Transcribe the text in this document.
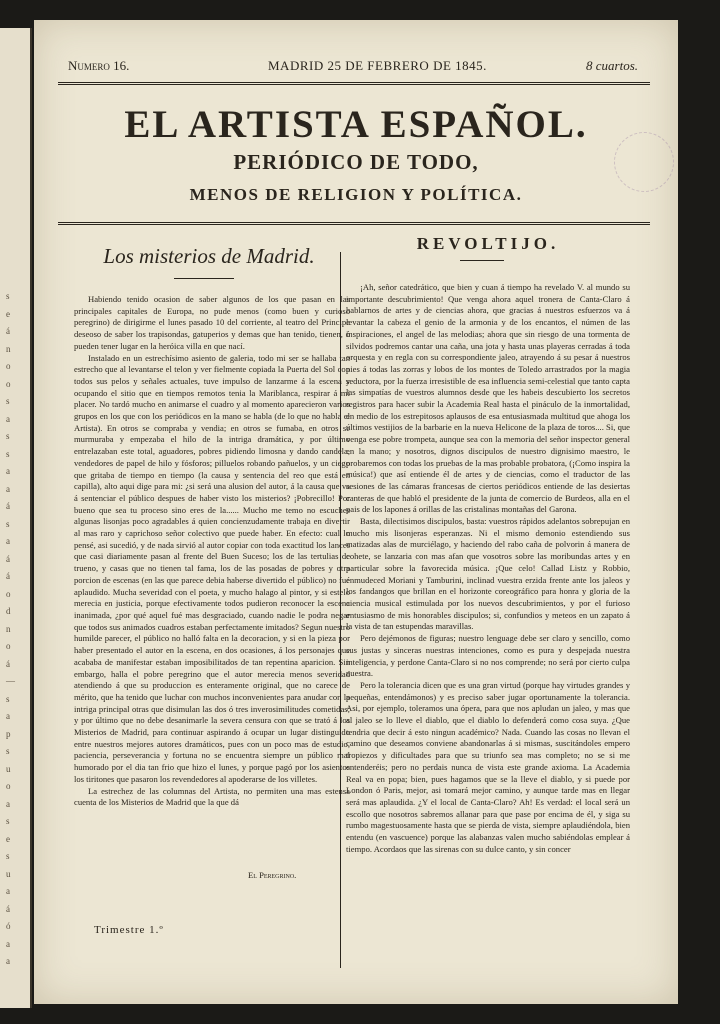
s
e
á
n
o
o
s
a
s
s
a
a
á
s
a
á
á
o
d
n
o
á
—
s
a
p
s
u
o
a
s
e
s
u
a
á
ó
a
a
Numero 16.	MADRID 25 DE FEBRERO DE 1845.	8 cuartos.
EL ARTISTA ESPAÑOL.
PERIÓDICO DE TODO,
MENOS DE RELIGION Y POLÍTICA.
Los misterios de Madrid.
REVOLTIJO.

Habiendo tenido ocasion de saber algunos de los que pasan en las principales capitales de Europa, no pude menos (como buen y curioso peregrino) de dirigirme el lunes pasado 10 del corriente, al teatro del Principe deseoso de saber los trapisondas, gatuperios y demas que han tenido, tienen, ó pueden tener lugar en la heróica villa en que nací.

Instalado en un estrechísimo asiento de galeria, todo mi ser se hallaba tan estrecho que al levantarse el telon y ver fielmente copiada la Puerta del Sol con todos sus pelos y señales actuales, tuve impulso de lanzarme á la escena y ocupando el sitio que en tiempos remotos tenia la Mariblanca, respirar á mi placer. No tardó mucho en animarse el cuadro y al momento aparecieron varios grupos en los que con los periódicos en la mano se habla (de lo que no habla el Artista). En otros se compraba y vendia; en otros se fumaba, en otros se murmuraba y empezaba el hilo de la intriga dramática, y por último entrelazaban este total, aguadores, pobres pidiendo limosna y dando candela, vendedores de papel de hilo y fósforos; pilluelos robando pañuelos, y un ciego que gritaba de tiempo en tiempo (la causa y sentencia del reo que está en capilla), alto aqui dige para mi: ¿si será una alusion del autor, á la causa que va á sentenciar el público despues de haber visto los misterios? ¡Pobrecillo! Por bueno que sea tu proceso sino eres de la...... Mucho me temo no escuches algunas lisonjas poco agradables á quien concienzudamente trabaja en divertir al mas raro y caprichoso señor colectivo que puede haber. En efecto: cual lo pensé, asi sucedió, y de nada sirvió al autor copiar con toda exactitud los lances que casi diariamente pasan al frente del Buen Suceso; los de las tertulias de trueno, y casas que no tienen tal fama, los de las posadas de pobres y otra porcion de escenas (en las que parece debia haberse divertido el público) no fué aplaudido. Mucha severidad con el poeta, y mucho halago al pintor, y si estelo merecia en justicia, porque efectivamente todos pudieron reconocer la escena inanimada, ¿por qué aquel fué mas desgraciado, cuando nadie le podra negar que todos sus animados cuadros estaban perfectamente imitados? Segun nuestro humilde parecer, el público no halló falta en la decoracion, y si en la pieza por haber presentado el autor en la escena, en dos ocasiones, á los personajes que acababa de manifestar estaban imposibilitados de tan repentina aparicion. Sin embargo, halla el pobre peregrino que el autor merecia menos severidad atendiendo á que su produccion es enteramente original, que no carece de mérito, que ha tenido que luchar con muchos inconvenientes para anudar con la intriga principal otras que disimulan las dos ó tres inverosimilitudes cometidas; y por último que no debe desanimarle la severa censura con que se trató á los Misterios de Madrid, para continuar aspirando á ocupar un lugar distinguido entre nuestros mejores autores dramáticos, pues con un poco mas de estudio, paciencia, perseverancia y fortuna no se encuentra siempre un público mal humorado por el dia tan frio que hizo el lunes, y porque pagó por los asientos los tiritones que pasaron los revendedores al apoderarse de los villetes.

La estrechez de las columnas del Artista, no permiten una mas estensa cuenta de los Misterios de Madrid que la que dá

El Peregrino.

¡Ah, señor catedrático, que bien y cuan á tiempo ha revelado V. al mundo su importante descubrimiento! Que venga ahora aquel tronera de Canta-Claro á hablarnos de artes y de ciencias ahora, que gracias á nuestros esfuerzos va á levantar la cabeza el genio de la armonia y de los encantos, el númen de las inspiraciones, el angel de las melodias; ahora que sin riesgo de una tormenta de silvidos podremos cantar una caña, una jota y hasta unas playeras cerradas á toda orquesta y en regla con su correspondiente jaleo, atrayendo á su pesar á nuestros pies á todas las zorras y lobos de los montes de Toledo arrastrados por la magia seductora, por la fuerza irresistible de esa influencia semi-celestial que tanto capta las simpatías de vuestros alumnos desde que les habeis descubierto los secretos registros para hacer subir la Academia Real hasta el pináculo de la inmortalidad, en medio de los estrepitosos aplausos de esa entusiasmada multitud que ahoga los últimos vestijios de la barbarie en la nueva Helicone de la plaza de toros.... Si, que venga ese pobre trompeta, aunque sea con la memoria del señor inspector general en la mano; y nosotros, dignos discipulos de nuestro dignisimo maestro, le probaremos con todas los pruebas de la mas probable probatora, (¡Como inspira la música!) que así entiende él de artes y de ciencias, como el traductor de las sesiones de las cámaras francesas de ciertos periódicos entiende de las desiertas canteras de que habló el presidente de la junta de comercio de Burdeos, alla en el pais de los lapones á orillas de las cristalinas montañas del Garona.

Basta, dilectisimos discipulos, basta: vuestros rápidos adelantos sobrepujan en mucho mis lisonjeras esperanzas. Ni el mismo demonio estendiendo sus matizadas alas de murciélago, y haciendo del rabo caña de polvorin á manera de cohete, se lanzaria con mas afan que vosotros sobre las moribundas artes y en particular sobre la favorecida música. ¡Que celo! Callad Listz y Robbio, enmudeced Moriani y Tamburini, inclinad vuestra erzida frente ante los jaleos y los fandangos que brillan en el horizonte coreográfico para honra y gloria de la ciencia musical estimulada por los nuevos descubrimientos, y por el furioso entusiasmo de mis honorables discipulos; si, confundios y meteos en un zapato á la vista de tan estupendas maravillas.

Pero dejémonos de figuras; nuestro lenguage debe ser claro y sencillo, como sus justas y sinceras nuestras intenciones, como es pura y despejada nuestra inteligencia, y perdone Canta-Claro si no nos comprende; no será por cierto culpa nuestra.

Pero la tolerancia dicen que es una gran virtud (porque hay virtudes grandes y pequeñas, entendámonos) y es preciso saber jugar oportunamente la tolerancia. Asi, por ejemplo, toleramos una ópera, para que nos apludan un jaleo, y mas que al jaleo se lo lleve el diablo, que el diablo lo defenderá como cosa suya. ¿Que tendria que decir á esto ningun académico? Nada. Cuando las cosas no llevan el camino que deseamos conviene abandonarlas á si mismas, suscitándoles empero tropiezos y dificultades para que su triunfo sea mas completo; no se si me entenderéis; pero no perdais nunca de vista este grande axioma. La Academia Real va en popa; bien, pues hagamos que se la lleve el diablo, y si puede por London ó Paris, mejor, asi tomará mejor camino, y aunque tarde mas en llegar será mas aplaudida. ¿Y el local de Canta-Claro? Ah! Es verdad: el local será un escollo que nosotros sabremos allanar para que pase por encima de él, y siga su rumbo magestuosamente hasta que se pierda de vista, siempre aplaudiéndola, bien entendu (en vascuence) porque las alabanzas valen mucho sabiéndolas emplear á tiempo. Acordaos que las sirenas con su dulce canto, y sin concer

Trimestre 1.º
